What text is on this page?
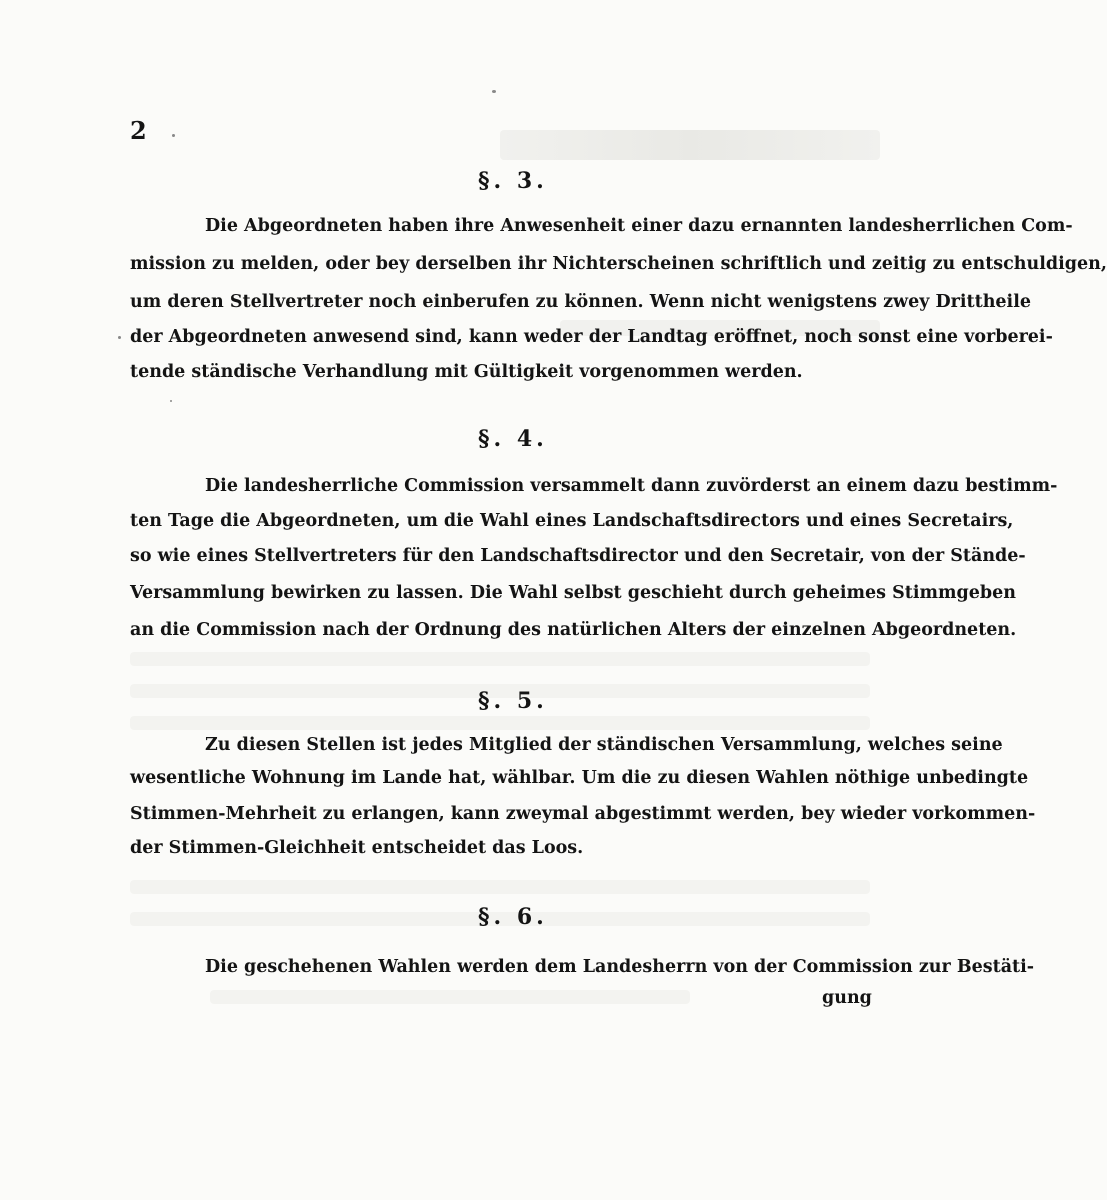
2
§. 3.
Die Abgeordneten haben ihre Anwesenheit einer dazu ernannten landesherrlichen Com-
mission zu melden, oder bey derselben ihr Nichterscheinen schriftlich und zeitig zu entschuldigen,
um deren Stellvertreter noch einberufen zu können. Wenn nicht wenigstens zwey Drittheile
der Abgeordneten anwesend sind, kann weder der Landtag eröffnet, noch sonst eine vorberei-
tende ständische Verhandlung mit Gültigkeit vorgenommen werden.
§. 4.
Die landesherrliche Commission versammelt dann zuvörderst an einem dazu bestimm-
ten Tage die Abgeordneten, um die Wahl eines Landschaftsdirectors und eines Secretairs,
so wie eines Stellvertreters für den Landschaftsdirector und den Secretair, von der Stände-
Versammlung bewirken zu lassen. Die Wahl selbst geschieht durch geheimes Stimmgeben
an die Commission nach der Ordnung des natürlichen Alters der einzelnen Abgeordneten.
§. 5.
Zu diesen Stellen ist jedes Mitglied der ständischen Versammlung, welches seine
wesentliche Wohnung im Lande hat, wählbar. Um die zu diesen Wahlen nöthige unbedingte
Stimmen-Mehrheit zu erlangen, kann zweymal abgestimmt werden, bey wieder vorkommen-
der Stimmen-Gleichheit entscheidet das Loos.
§. 6.
Die geschehenen Wahlen werden dem Landesherrn von der Commission zur Bestäti-
gung
